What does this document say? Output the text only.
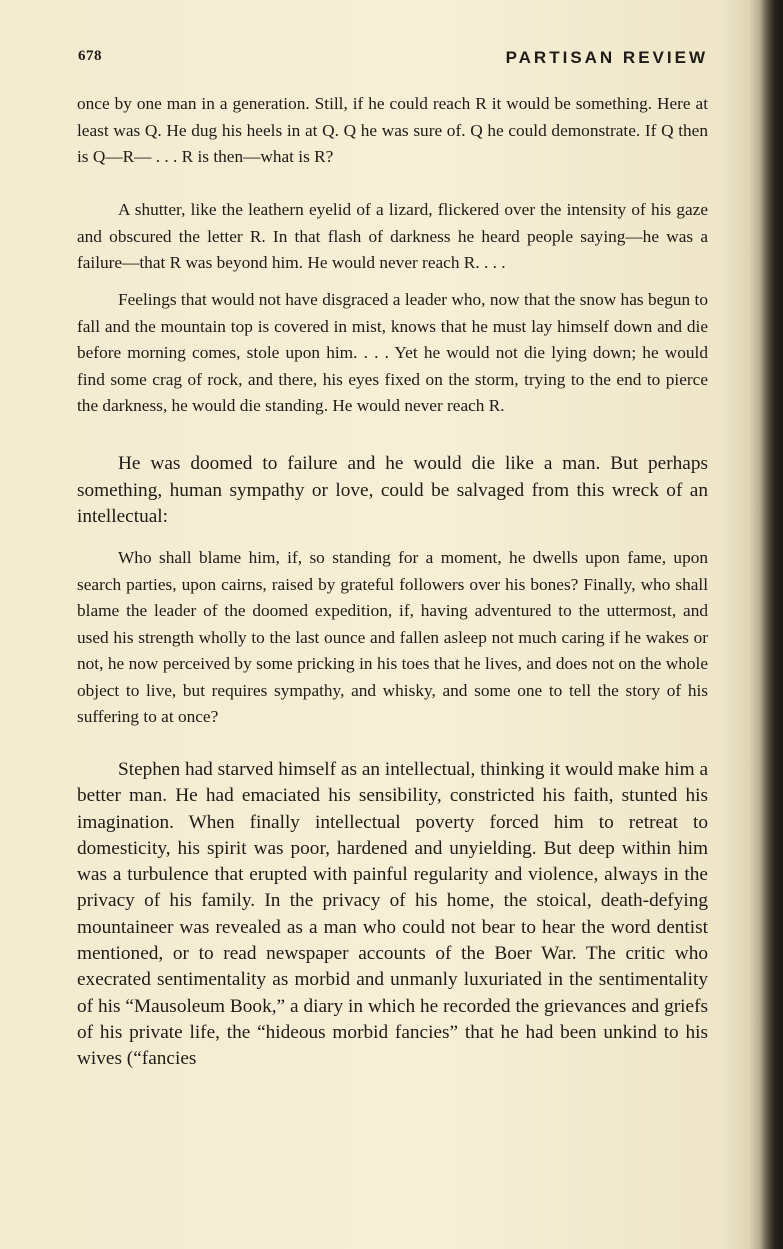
678	PARTISAN REVIEW

once by one man in a generation. Still, if he could reach R it would be something. Here at least was Q. He dug his heels in at Q. Q he was sure of. Q he could demonstrate. If Q then is Q—R— . . . R is then—what is R?

A shutter, like the leathern eyelid of a lizard, flickered over the intensity of his gaze and obscured the letter R. In that flash of darkness he heard people saying—he was a failure—that R was beyond him. He would never reach R. . . .

Feelings that would not have disgraced a leader who, now that the snow has begun to fall and the mountain top is covered in mist, knows that he must lay himself down and die before morning comes, stole upon him. . . . Yet he would not die lying down; he would find some crag of rock, and there, his eyes fixed on the storm, trying to the end to pierce the darkness, he would die standing. He would never reach R.

He was doomed to failure and he would die like a man. But perhaps something, human sympathy or love, could be salvaged from this wreck of an intellectual:

Who shall blame him, if, so standing for a moment, he dwells upon fame, upon search parties, upon cairns, raised by grateful followers over his bones? Finally, who shall blame the leader of the doomed expedition, if, having adventured to the uttermost, and used his strength wholly to the last ounce and fallen asleep not much caring if he wakes or not, he now perceived by some pricking in his toes that he lives, and does not on the whole object to live, but requires sympathy, and whisky, and some one to tell the story of his suffering to at once?

Stephen had starved himself as an intellectual, thinking it would make him a better man. He had emaciated his sensibility, constricted his faith, stunted his imagination. When finally intellectual poverty forced him to retreat to domesticity, his spirit was poor, hardened and unyielding. But deep within him was a turbulence that erupted with painful regularity and violence, always in the privacy of his family. In the privacy of his home, the stoical, death-defying mountaineer was revealed as a man who could not bear to hear the word dentist mentioned, or to read newspaper accounts of the Boer War. The critic who execrated sentimentality as morbid and unmanly luxuriated in the sentimentality of his “Mausoleum Book,” a diary in which he recorded the grievances and griefs of his private life, the “hideous morbid fancies” that he had been unkind to his wives (“fancies
